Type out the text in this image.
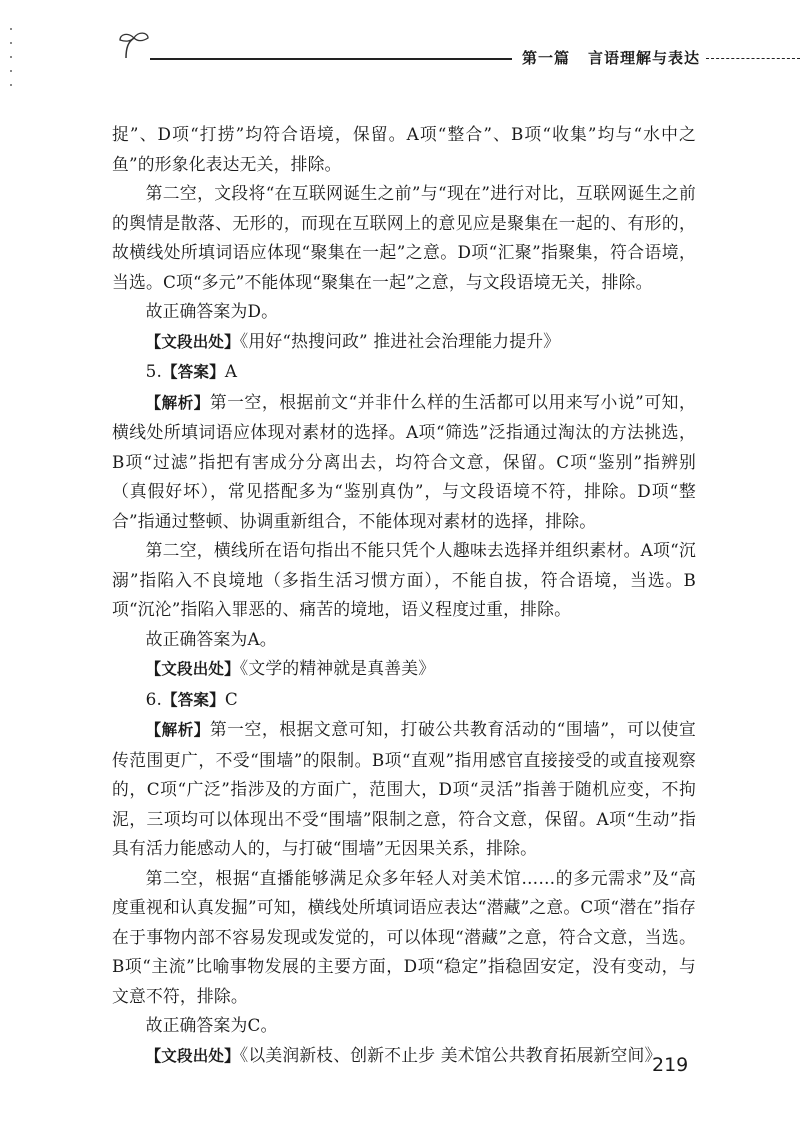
第一篇 言语理解与表达

捉”、D项“打捞”均符合语境，保留。A项“整合”、B项“收集”均与“水中之鱼”的形象化表达无关，排除。

第二空，文段将“在互联网诞生之前”与“现在”进行对比，互联网诞生之前的舆情是散落、无形的，而现在互联网上的意见应是聚集在一起的、有形的，故横线处所填词语应体现“聚集在一起”之意。D项“汇聚”指聚集，符合语境，当选。C项“多元”不能体现“聚集在一起”之意，与文段语境无关，排除。

故正确答案为D。

【文段出处】《用好“热搜问政” 推进社会治理能力提升》

5.【答案】A

【解析】第一空，根据前文“并非什么样的生活都可以用来写小说”可知，横线处所填词语应体现对素材的选择。A项“筛选”泛指通过淘汰的方法挑选，B项“过滤”指把有害成分分离出去，均符合文意，保留。C项“鉴别”指辨别（真假好坏），常见搭配多为“鉴别真伪”，与文段语境不符，排除。D项“整合”指通过整顿、协调重新组合，不能体现对素材的选择，排除。

第二空，横线所在语句指出不能只凭个人趣味去选择并组织素材。A项“沉溺”指陷入不良境地（多指生活习惯方面），不能自拔，符合语境，当选。B项“沉沦”指陷入罪恶的、痛苦的境地，语义程度过重，排除。

故正确答案为A。

【文段出处】《文学的精神就是真善美》

6.【答案】C

【解析】第一空，根据文意可知，打破公共教育活动的“围墙”，可以使宣传范围更广，不受“围墙”的限制。B项“直观”指用感官直接接受的或直接观察的，C项“广泛”指涉及的方面广，范围大，D项“灵活”指善于随机应变，不拘泥，三项均可以体现出不受“围墙”限制之意，符合文意，保留。A项“生动”指具有活力能感动人的，与打破“围墙”无因果关系，排除。

第二空，根据“直播能够满足众多年轻人对美术馆……的多元需求”及“高度重视和认真发掘”可知，横线处所填词语应表达“潜藏”之意。C项“潜在”指存在于事物内部不容易发现或发觉的，可以体现“潜藏”之意，符合文意，当选。B项“主流”比喻事物发展的主要方面，D项“稳定”指稳固安定，没有变动，与文意不符，排除。

故正确答案为C。

【文段出处】《以美润新枝、创新不止步 美术馆公共教育拓展新空间》

219
